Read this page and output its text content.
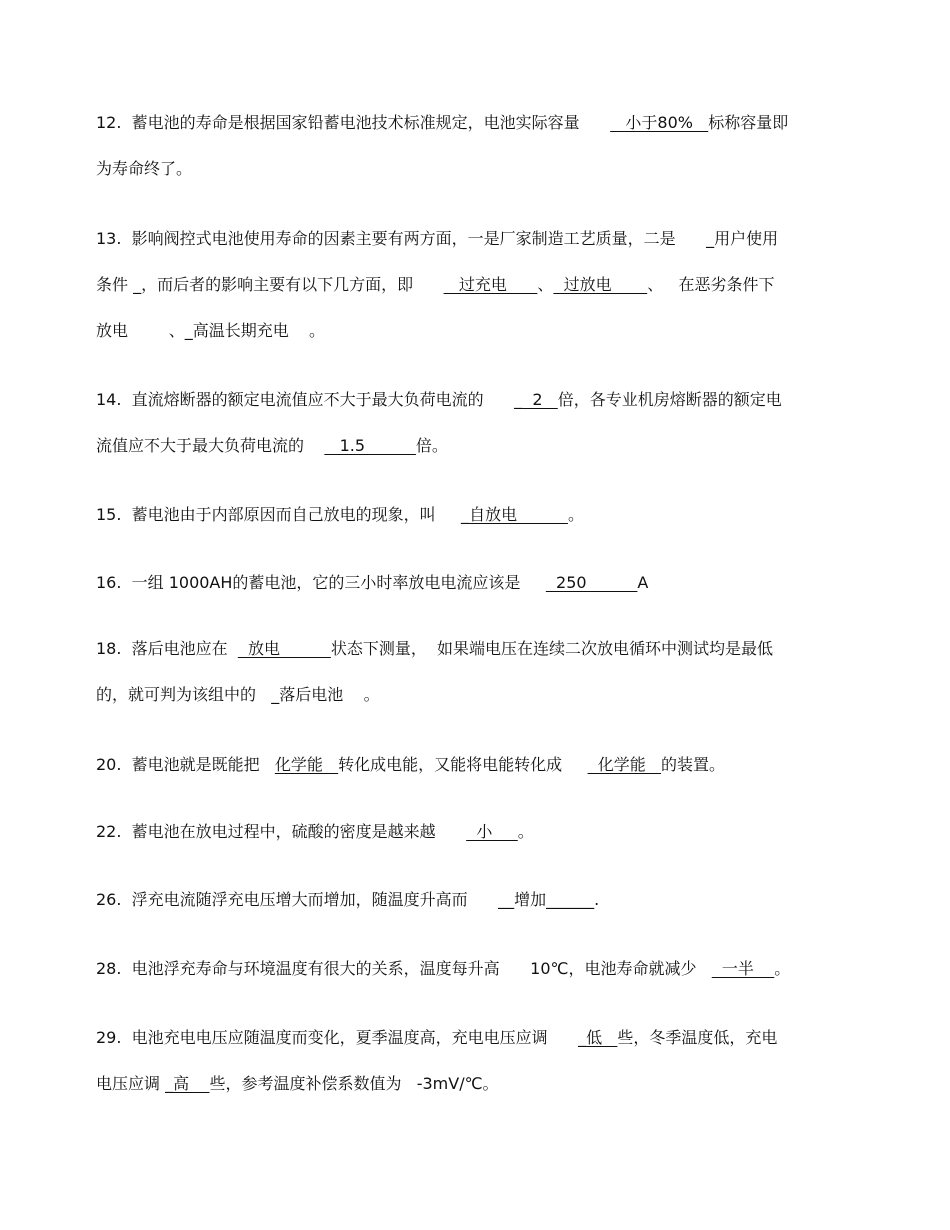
12.  蓄电池的寿命是根据国家铅蓄电池技术标准规定，电池实际容量         小于80%   标称容量即
为寿命终了。
13.  影响阀控式电池使用寿命的因素主要有两方面，一是厂家制造工艺质量，二是      _用户使用
条件 _，而后者的影响主要有以下几方面，即         过充电      、  过放电       、   在恶劣条件下
放电        、_高温长期充电    。
14.  直流熔断器的额定电流值应不大于最大负荷电流的      _  2   倍，各专业机房熔断器的额定电
流值应不大于最大负荷电流的       1.5          倍。
15.  蓄电池由于内部原因而自己放电的现象，叫     _自放电          。
16.  一组 1000AH的蓄电池，它的三小时率放电电流应该是       250          A
18.  落后电池应在    放电          状态下测量，  如果端电压在连续二次放电循环中测试均是最低
的，就可判为该组中的   _落后电池    。
20.  蓄电池就是既能把   化学能   转化成电能，又能将电能转化成       化学能   的装置。
22.  蓄电池在放电过程中，硫酸的密度是越来越        小     。
26.  浮充电流随浮充电压增大而增加，随温度升高而      __增加______.
28.  电池浮充寿命与环境温度有很大的关系，温度每升高      10℃，电池寿命就减少     一半    。
29.  电池充电电压应随温度而变化，夏季温度高，充电电压应调      _低   些，冬季温度低，充电
电压应调 _高    些，参考温度补偿系数值为   -3mV/℃。
